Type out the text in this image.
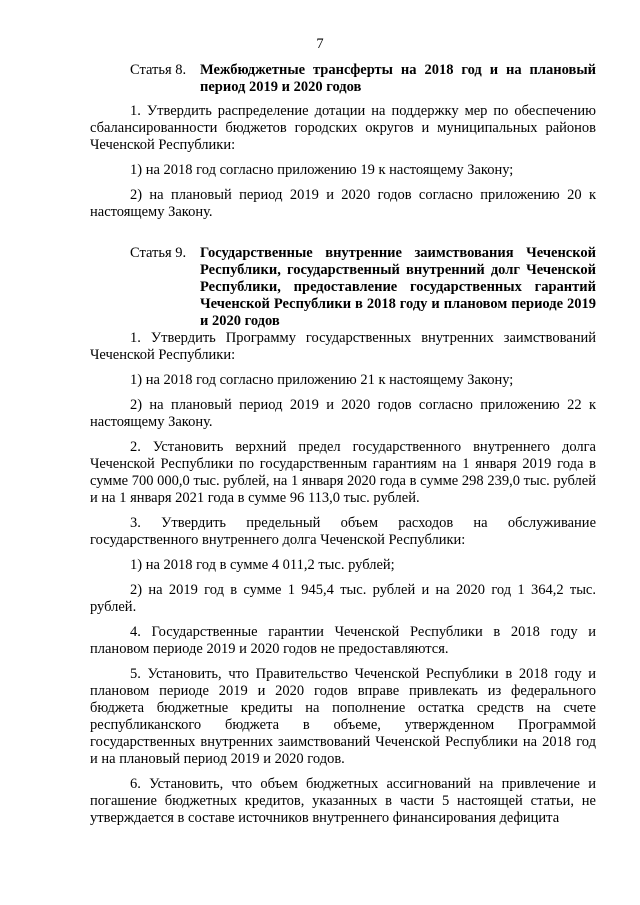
7
Статья 8. Межбюджетные трансферты на 2018 год и на плановый период 2019 и 2020 годов

1. Утвердить распределение дотации на поддержку мер по обеспечению сбалансированности бюджетов городских округов и муниципальных районов Чеченской Республики:

1) на 2018 год согласно приложению 19 к настоящему Закону;

2) на плановый период 2019 и 2020 годов согласно приложению 20 к настоящему Закону.

Статья 9. Государственные внутренние заимствования Чеченской Республики, государственный внутренний долг Чеченской Республики, предоставление государственных гарантий Чеченской Республики в 2018 году и плановом периоде 2019 и 2020 годов

1. Утвердить Программу государственных внутренних заимствований Чеченской Республики:

1) на 2018 год согласно приложению 21 к настоящему Закону;

2) на плановый период 2019 и 2020 годов согласно приложению 22 к настоящему Закону.

2. Установить верхний предел государственного внутреннего долга Чеченской Республики по государственным гарантиям на 1 января 2019 года в сумме 700 000,0 тыс. рублей, на 1 января 2020 года в сумме 298 239,0 тыс. рублей и на 1 января 2021 года в сумме 96 113,0 тыс. рублей.

3. Утвердить предельный объем расходов на обслуживание государственного внутреннего долга Чеченской Республики:

1) на 2018 год в сумме 4 011,2 тыс. рублей;

2) на 2019 год в сумме 1 945,4 тыс. рублей и на 2020 год 1 364,2 тыс. рублей.

4. Государственные гарантии Чеченской Республики в 2018 году и плановом периоде 2019 и 2020 годов не предоставляются.

5. Установить, что Правительство Чеченской Республики в 2018 году и плановом периоде 2019 и 2020 годов вправе привлекать из федерального бюджета бюджетные кредиты на пополнение остатка средств на счете республиканского бюджета в объеме, утвержденном Программой государственных внутренних заимствований Чеченской Республики на 2018 год и на плановый период 2019 и 2020 годов.

6. Установить, что объем бюджетных ассигнований на привлечение и погашение бюджетных кредитов, указанных в части 5 настоящей статьи, не утверждается в составе источников внутреннего финансирования дефицита
